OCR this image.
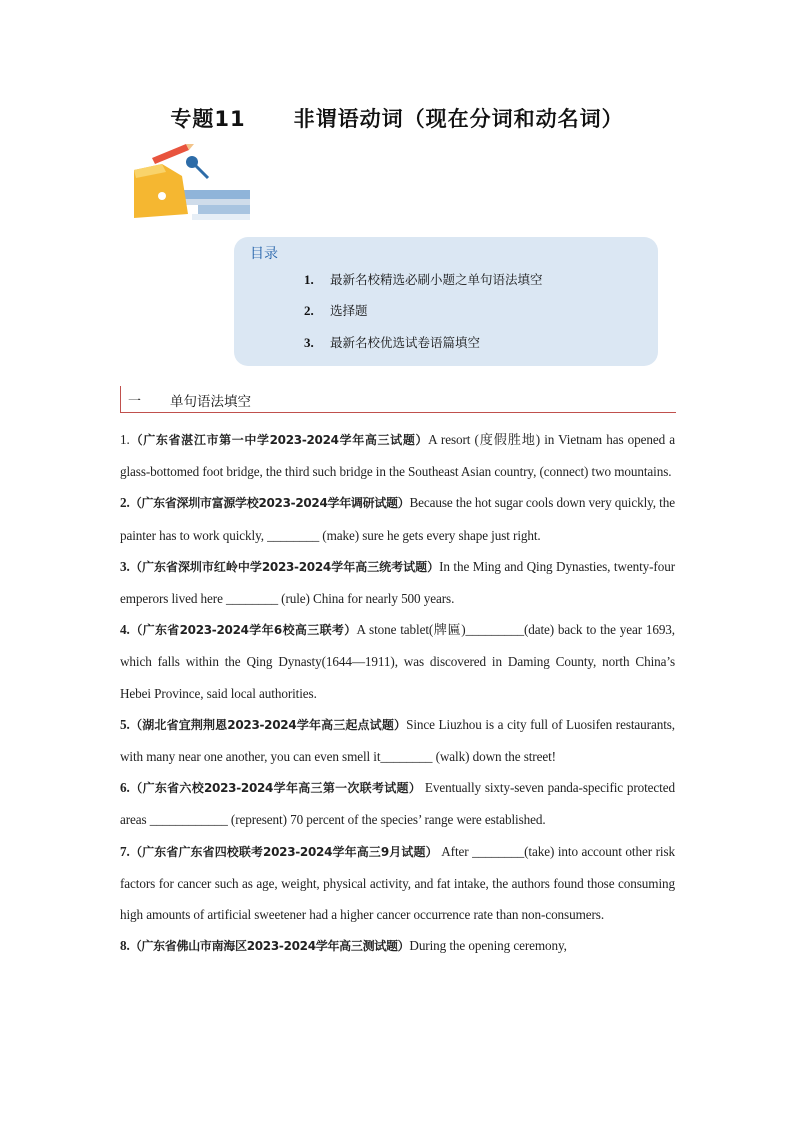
专题11 非谓语动词（现在分词和动名词）
目录
1. 最新名校精选必刷小题之单句语法填空
2. 选择题
3. 最新名校优选试卷语篇填空
一 单句语法填空

1.（广东省湛江市第一中学2023-2024学年高三试题）A resort (度假胜地) in Vietnam has opened a glass-bottomed foot bridge, the third such bridge in the Southeast Asian country, (connect) two mountains.

2.（广东省深圳市富源学校2023-2024学年调研试题）Because the hot sugar cools down very quickly, the painter has to work quickly, ________ (make) sure he gets every shape just right.

3.（广东省深圳市红岭中学2023-2024学年高三统考试题）In the Ming and Qing Dynasties, twenty-four emperors lived here ________ (rule) China for nearly 500 years.

4.（广东省2023-2024学年6校高三联考）A stone tablet(牌匾)_________(date) back to the year 1693, which falls within the Qing Dynasty(1644—1911), was discovered in Daming County, north China’s Hebei Province, said local authorities.

5.（湖北省宜荆荆恩2023-2024学年高三起点试题）Since Liuzhou is a city full of Luosifen restaurants, with many near one another, you can even smell it________ (walk) down the street!

6.（广东省六校2023-2024学年高三第一次联考试题） Eventually sixty-seven panda-specific protected areas ____________ (represent) 70 percent of the species’ range were established.

7.（广东省广东省四校联考2023-2024学年高三9月试题） After ________(take) into account other risk factors for cancer such as age, weight, physical activity, and fat intake, the authors found those consuming high amounts of artificial sweetener had a higher cancer occurrence rate than non-consumers.

8.（广东省佛山市南海区2023-2024学年高三测试题）During the opening ceremony,
